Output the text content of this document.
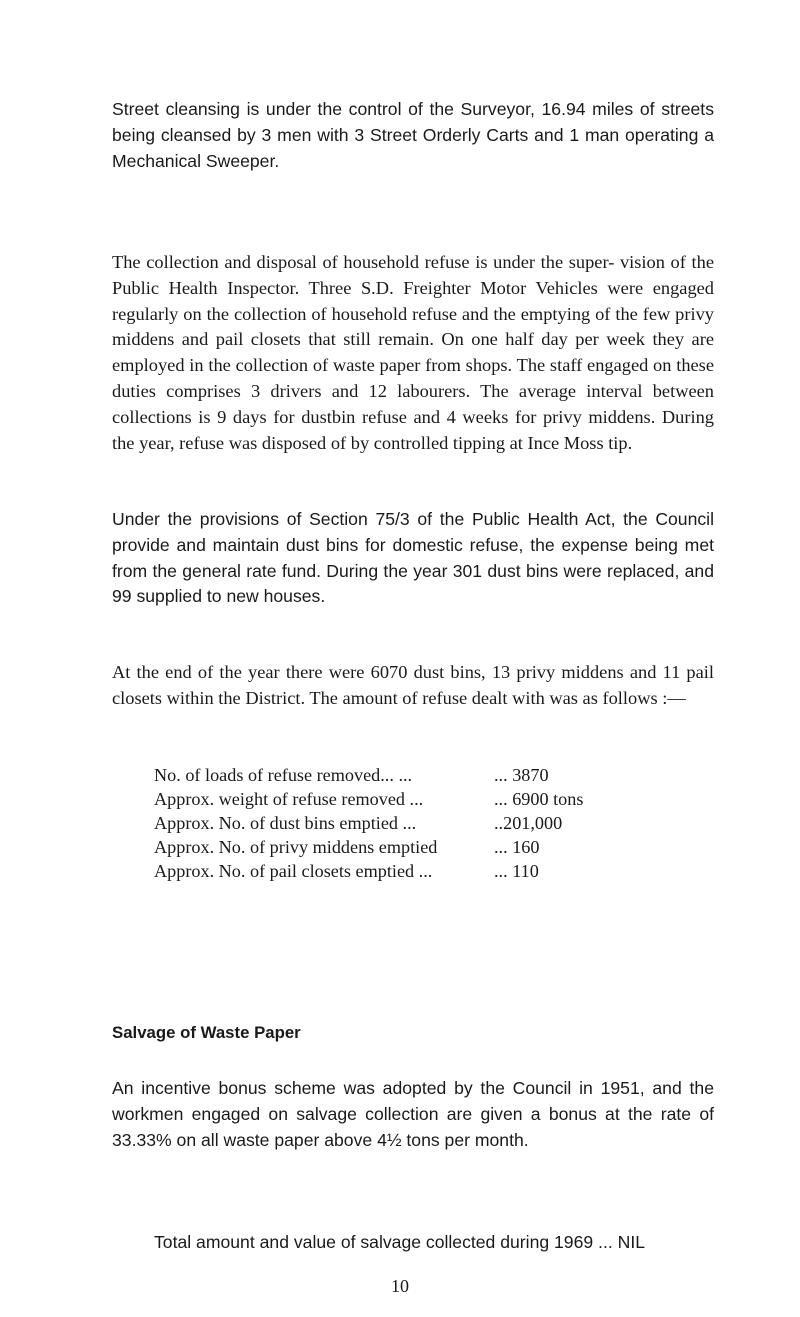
Street cleansing is under the control of the Surveyor, 16.94 miles of streets being cleansed by 3 men with 3 Street Orderly Carts and 1 man operating a Mechanical Sweeper.

The collection and disposal of household refuse is under the super- vision of the Public Health Inspector. Three S.D. Freighter Motor Vehicles were engaged regularly on the collection of household refuse and the emptying of the few privy middens and pail closets that still remain. On one half day per week they are employed in the collection of waste paper from shops. The staff engaged on these duties comprises 3 drivers and 12 labourers. The average interval between collections is 9 days for dustbin refuse and 4 weeks for privy middens. During the year, refuse was disposed of by controlled tipping at Ince Moss tip.

Under the provisions of Section 75/3 of the Public Health Act, the Council provide and maintain dust bins for domestic refuse, the expense being met from the general rate fund. During the year 301 dust bins were replaced, and 99 supplied to new houses.

At the end of the year there were 6070 dust bins, 13 privy middens and 11 pail closets within the District. The amount of refuse dealt with was as follows :—

No. of loads of refuse removed... ...	... 3870
Approx. weight of refuse removed ...	... 6900 tons
Approx. No. of dust bins emptied ...	..201,000
Approx. No. of privy middens emptied	... 160
Approx. No. of pail closets emptied ...	... 110
Salvage of Waste Paper

An incentive bonus scheme was adopted by the Council in 1951, and the workmen engaged on salvage collection are given a bonus at the rate of 33.33% on all waste paper above 4½ tons per month.

Total amount and value of salvage collected during 1969 ... NIL

10
